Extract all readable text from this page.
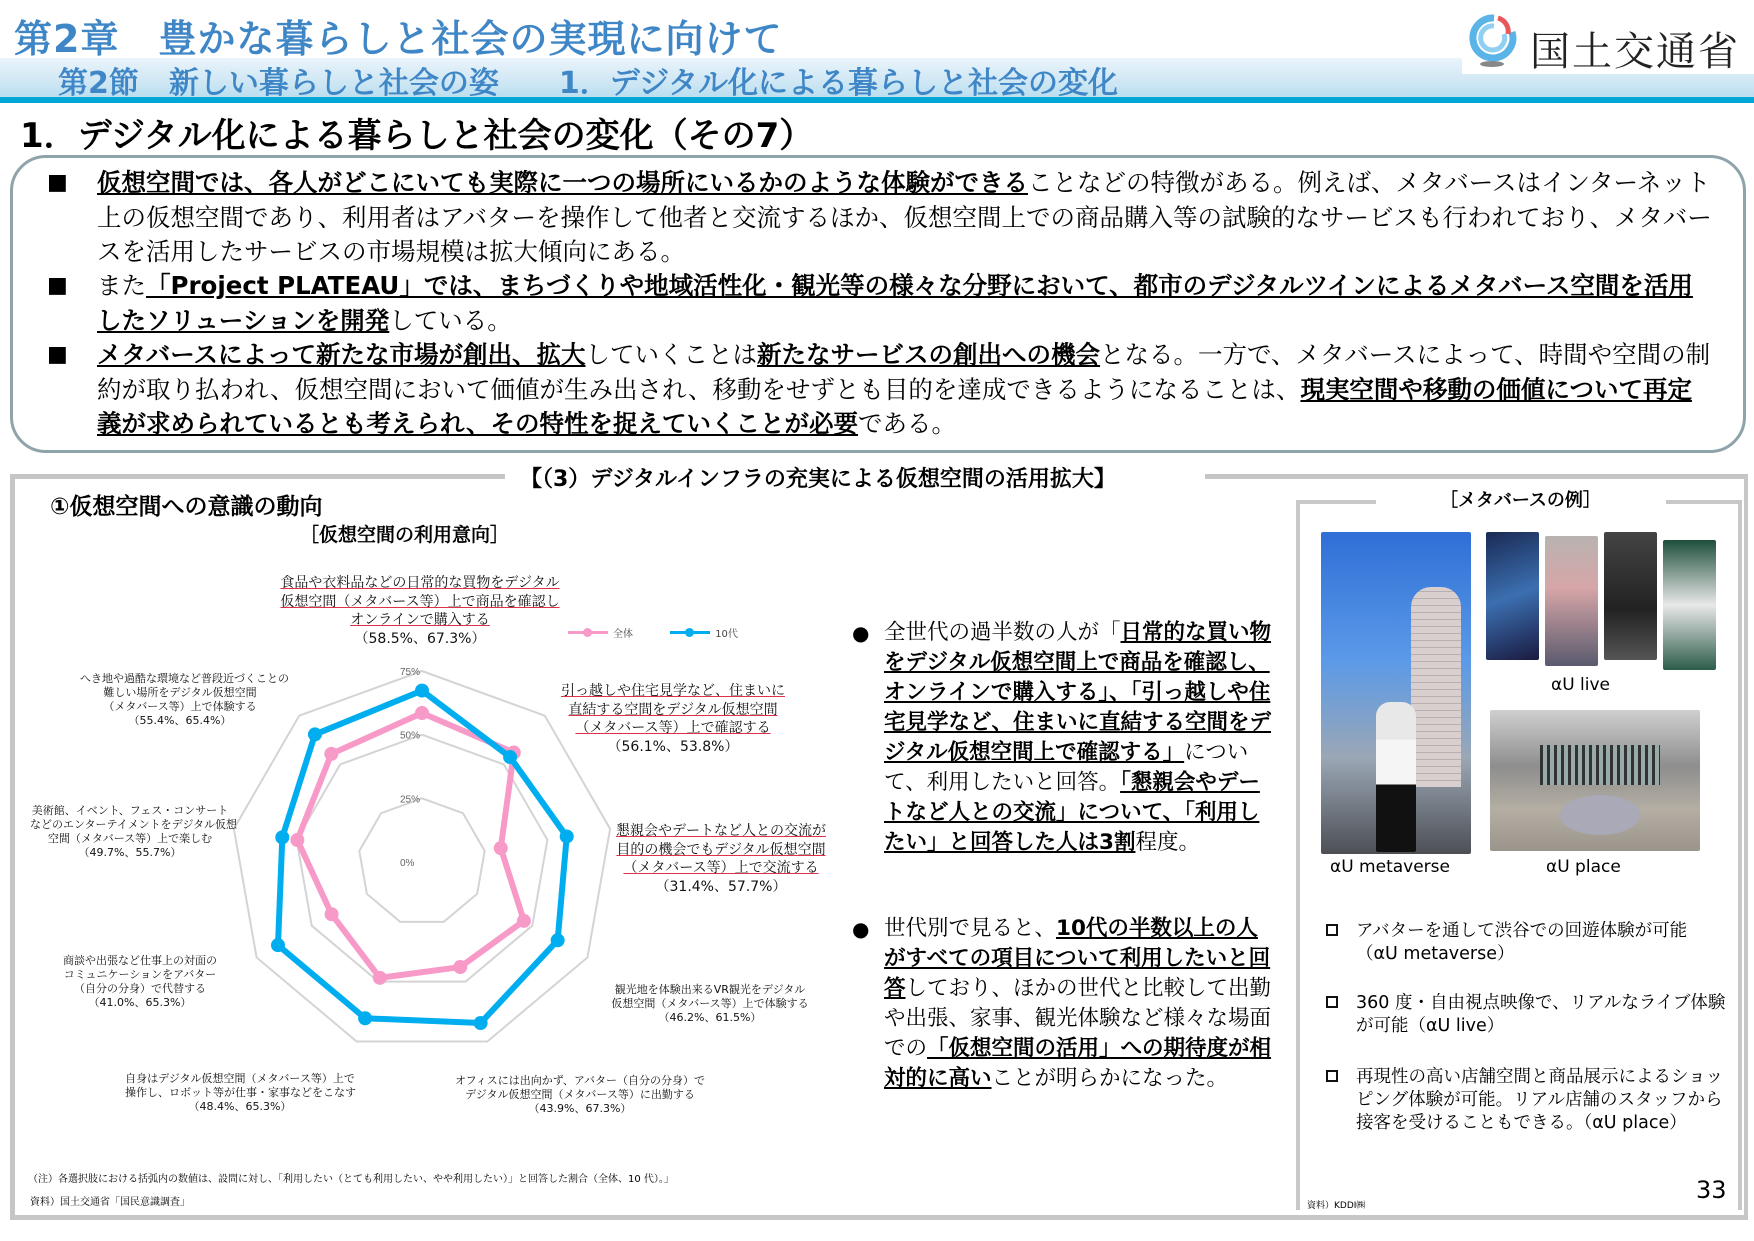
第2章　豊かな暮らしと社会の実現に向けて
第2節　新しい暮らしと社会の姿　　1．デジタル化による暮らしと社会の変化
国土交通省
1．デジタル化による暮らしと社会の変化（その7）
■ 仮想空間では、各人がどこにいても実際に一つの場所にいるかのような体験ができることなどの特徴がある。例えば、メタバースはインターネット上の仮想空間であり、利用者はアバターを操作して他者と交流するほか、仮想空間上での商品購入等の試験的なサービスも行われており、メタバースを活用したサービスの市場規模は拡大傾向にある。
■ また「Project PLATEAU」では、まちづくりや地域活性化・観光等の様々な分野において、都市のデジタルツインによるメタバース空間を活用したソリューションを開発している。
■ メタバースによって新たな市場が創出、拡大していくことは新たなサービスの創出への機会となる。一方で、メタバースによって、時間や空間の制約が取り払われ、仮想空間において価値が生み出され、移動をせずとも目的を達成できるようになることは、現実空間や移動の価値について再定義が求められているとも考えられ、その特性を捉えていくことが必要である。
【（3）デジタルインフラの充実による仮想空間の活用拡大】
①仮想空間への意識の動向
［仮想空間の利用意向］
0%
25%
50%
75%
食品や衣料品などの日常的な買物をデジタル
仮想空間（メタバース等）上で商品を確認し
オンラインで購入する
（58.5%、67.3%）
引っ越しや住宅見学など、住まいに
直結する空間をデジタル仮想空間
（メタバース等）上で確認する
（56.1%、53.8%）
懇親会やデートなど人との交流が
目的の機会でもデジタル仮想空間
（メタバース等）上で交流する
（31.4%、57.7%）
観光地を体験出来るVR観光をデジタル
仮想空間（メタバース等）上で体験する
（46.2%、61.5%）
オフィスには出向かず、アバター（自分の分身）で
デジタル仮想空間（メタバース等）に出勤する
（43.9%、67.3%）
自身はデジタル仮想空間（メタバース等）上で
操作し、ロボット等が仕事・家事などをこなす
（48.4%、65.3%）
商談や出張など仕事上の対面の
コミュニケーションをアバター
（自分の分身）で代替する
（41.0%、65.3%）
美術館、イベント、フェス・コンサート
などのエンターテイメントをデジタル仮想
空間（メタバース等）上で楽しむ
（49.7%、55.7%）
へき地や過酷な環境など普段近づくことの
難しい場所をデジタル仮想空間
（メタバース等）上で体験する
（55.4%、65.4%）
全体
	10代
（注）各選択肢における括弧内の数値は、設問に対し、「利用したい（とても利用したい、やや利用したい）」と回答した割合（全体、10 代）。」
資料）国土交通省「国民意識調査」
● 全世代の過半数の人が「日常的な買い物をデジタル仮想空間上で商品を確認し、オンラインで購入する」、「引っ越しや住宅見学など、住まいに直結する空間をデジタル仮想空間上で確認する」について、利用したいと回答。「懇親会やデートなど人との交流」について、「利用したい」と回答した人は3割程度。
● 世代別で見ると、10代の半数以上の人がすべての項目について利用したいと回答しており、ほかの世代と比較して出勤や出張、家事、観光体験など様々な場面での「仮想空間の活用」への期待度が相対的に高いことが明らかになった。
［メタバースの例］
αU metaverse
αU live
αU place
アバターを通して渋谷での回遊体験が可能（αU metaverse）
360 度・自由視点映像で、リアルなライブ体験が可能（αU live）
再現性の高い店舗空間と商品展示によるショッピング体験が可能。リアル店舗のスタッフから接客を受けることもできる。（αU place）
資料）KDDI㈱
33
